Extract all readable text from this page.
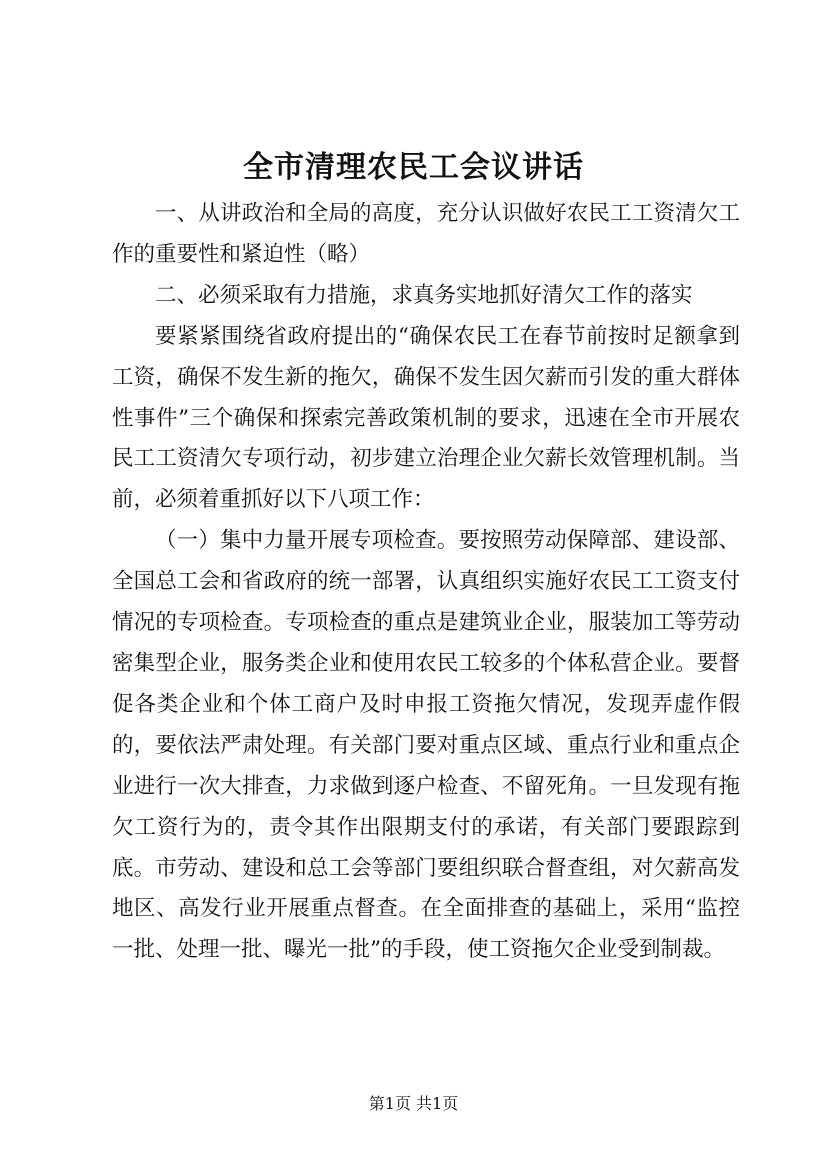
全市清理农民工会议讲话

一、从讲政治和全局的高度，充分认识做好农民工工资清欠工作的重要性和紧迫性（略）

二、必须采取有力措施，求真务实地抓好清欠工作的落实

要紧紧围绕省政府提出的“确保农民工在春节前按时足额拿到工资，确保不发生新的拖欠，确保不发生因欠薪而引发的重大群体性事件”三个确保和探索完善政策机制的要求，迅速在全市开展农民工工资清欠专项行动，初步建立治理企业欠薪长效管理机制。当前，必须着重抓好以下八项工作：

（一）集中力量开展专项检查。要按照劳动保障部、建设部、全国总工会和省政府的统一部署，认真组织实施好农民工工资支付情况的专项检查。专项检查的重点是建筑业企业，服装加工等劳动密集型企业，服务类企业和使用农民工较多的个体私营企业。要督促各类企业和个体工商户及时申报工资拖欠情况，发现弄虚作假的，要依法严肃处理。有关部门要对重点区域、重点行业和重点企业进行一次大排查，力求做到逐户检查、不留死角。一旦发现有拖欠工资行为的，责令其作出限期支付的承诺，有关部门要跟踪到底。市劳动、建设和总工会等部门要组织联合督查组，对欠薪高发地区、高发行业开展重点督查。在全面排查的基础上，采用“监控一批、处理一批、曝光一批”的手段，使工资拖欠企业受到制裁。

第1页 共1页
